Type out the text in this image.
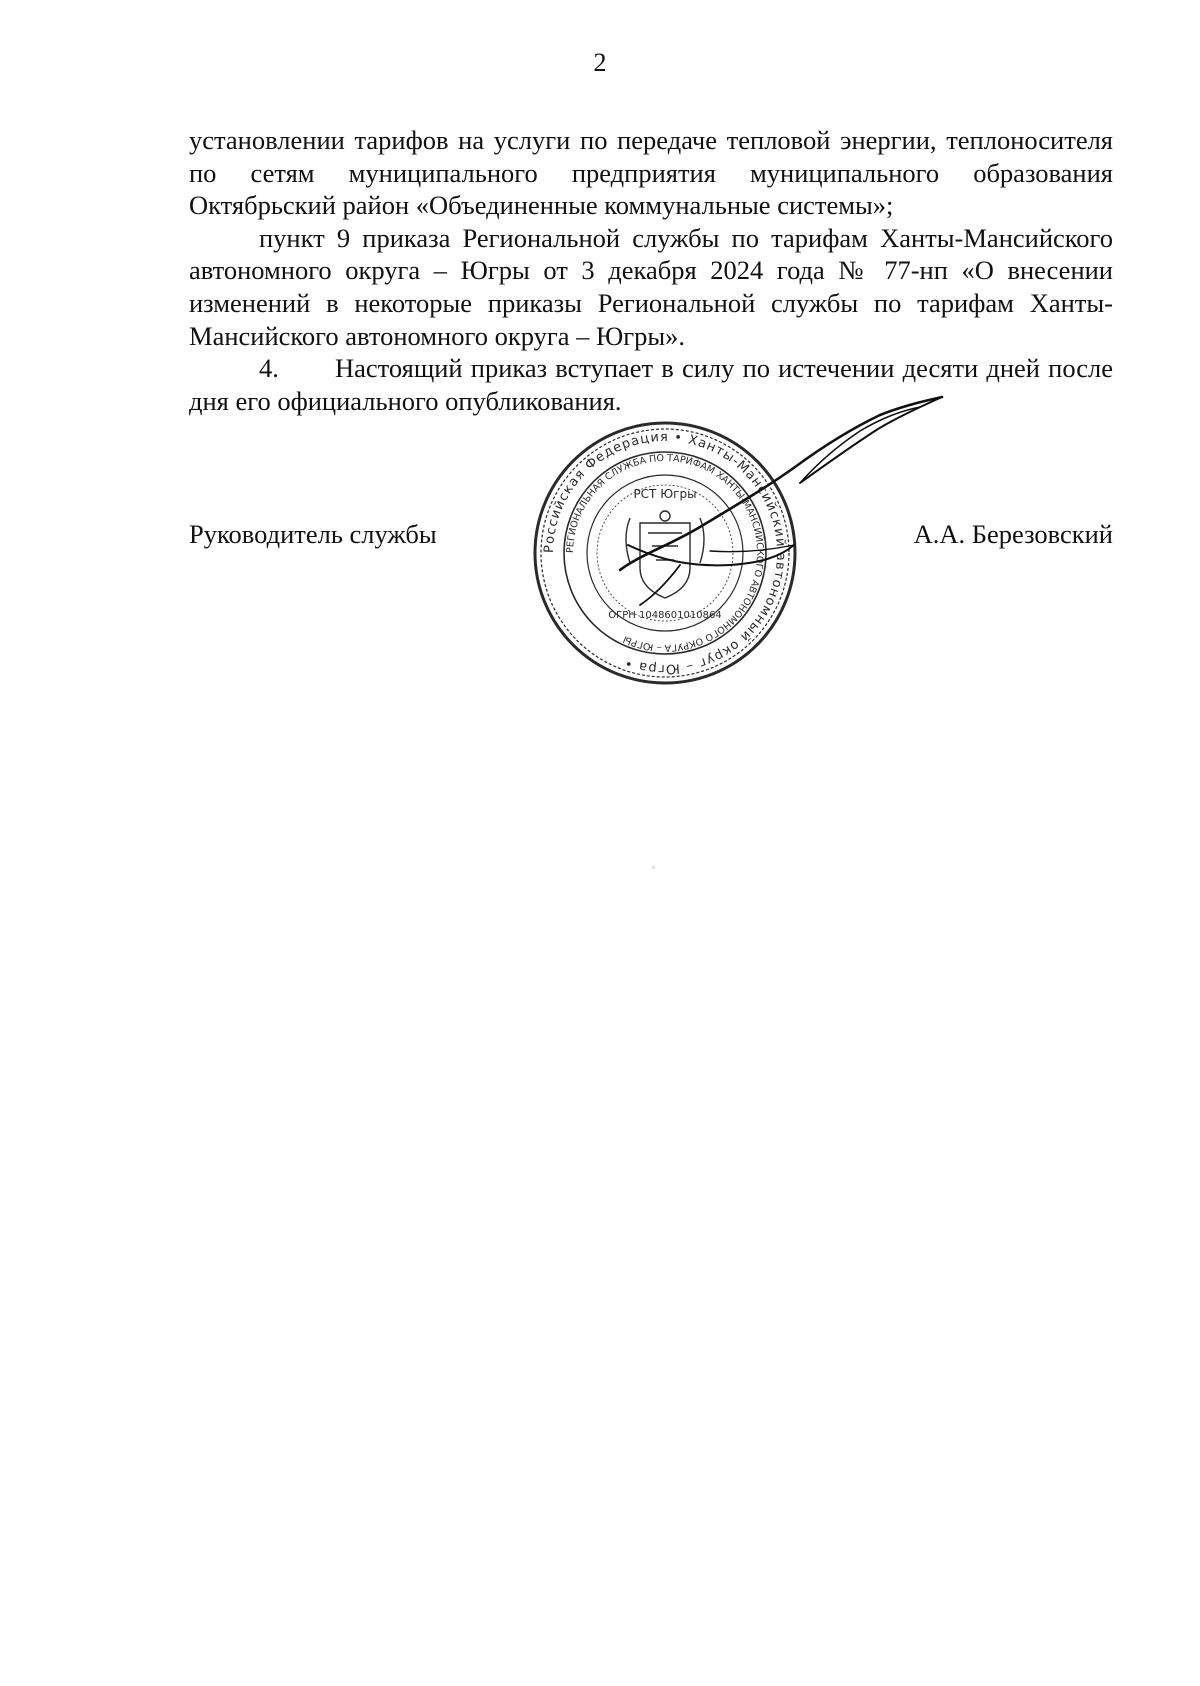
2

установлении тарифов на услуги по передаче тепловой энергии, теплоносителя по сетям муниципального предприятия муниципального образования Октябрьский район «Объединенные коммунальные системы»;

пункт 9 приказа Региональной службы по тарифам Ханты-Мансийского автономного округа – Югры от 3 декабря 2024 года № 77-нп «О внесении изменений в некоторые приказы Региональной службы по тарифам Ханты-Мансийского автономного округа – Югры».

4. Настоящий приказ вступает в силу по истечении десяти дней после дня его официального опубликования.

Руководитель службы	А.А. Березовский
Российская Федерация • Ханты-Мансийский автономный округ – Югра •
РЕГИОНАЛЬНАЯ СЛУЖБА ПО ТАРИФАМ ХАНТЫ-МАНСИЙСКОГО АВТОНОМНОГО ОКРУГА – ЮГРЫ
РСТ Югры
ОГРН 1048601010864
